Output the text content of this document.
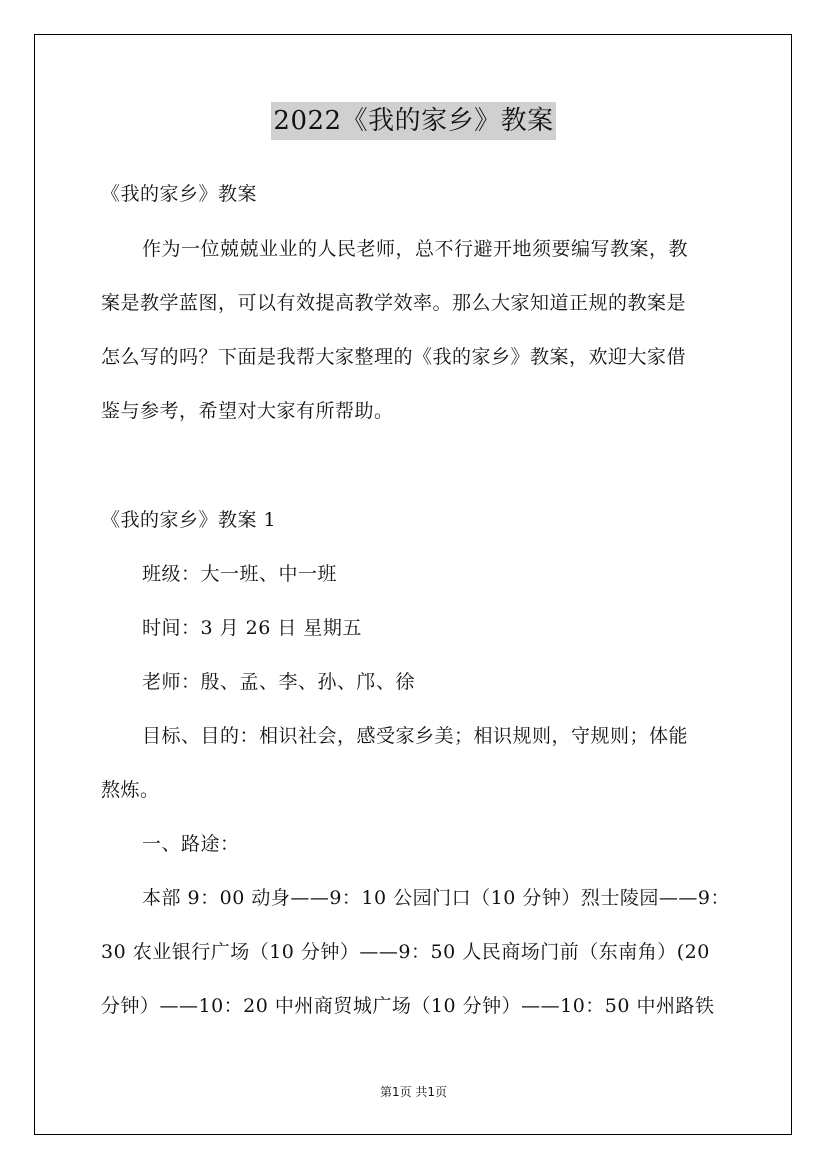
2022《我的家乡》教案
《我的家乡》教案
作为一位兢兢业业的人民老师，总不行避开地须要编写教案，教
案是教学蓝图，可以有效提高教学效率。那么大家知道正规的教案是
怎么写的吗？下面是我帮大家整理的《我的家乡》教案，欢迎大家借
鉴与参考，希望对大家有所帮助。
《我的家乡》教案 1
班级：大一班、中一班
时间：3 月 26 日 星期五
老师：殷、孟、李、孙、邝、徐
目标、目的：相识社会，感受家乡美；相识规则，守规则；体能
熬炼。
一、路途：
本部 9：00 动身——9：10 公园门口（10 分钟）烈士陵园——9：
30 农业银行广场（10 分钟）——9：50 人民商场门前（东南角）(20
分钟）——10：20 中州商贸城广场（10 分钟）——10：50 中州路铁
第1页 共1页
